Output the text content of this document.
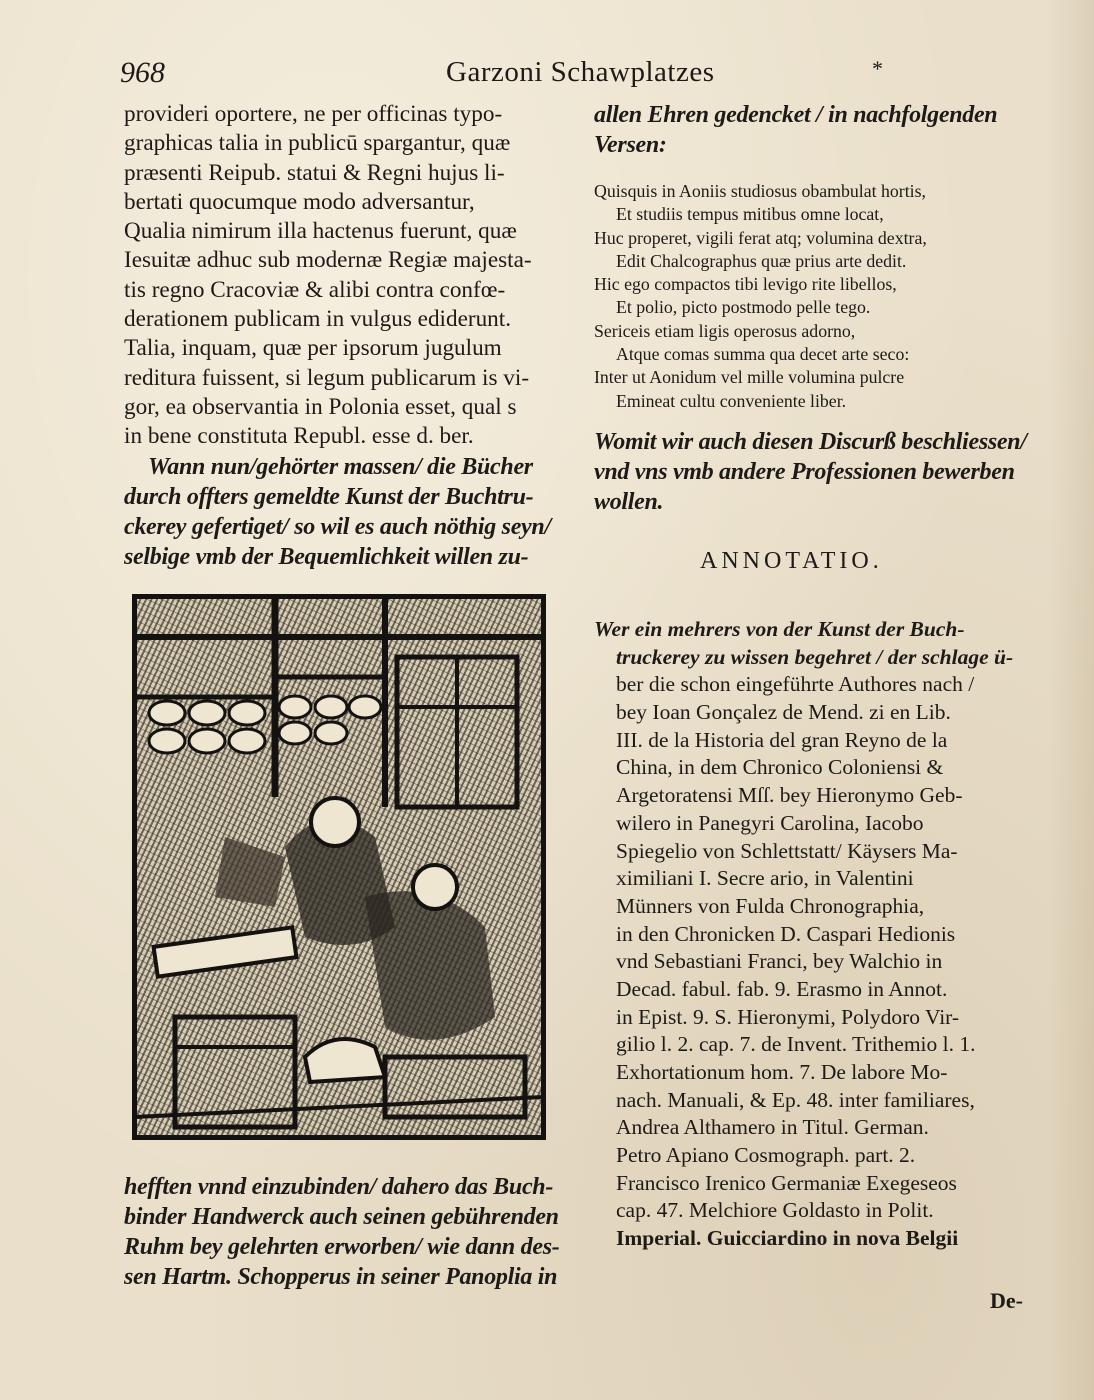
968	Garzoni Schawplatzes	*
provideri oportere, ne per officinas typo-
graphicas talia in publicū spargantur, quæ
præsenti Reipub. statui & Regni hujus li-
bertati quocumque modo adversantur,
Qualia nimirum illa hactenus fuerunt, quæ
Iesuitæ adhuc sub modernæ Regiæ majesta-
tis regno Cracoviæ & alibi contra confœ-
derationem publicam in vulgus ediderunt.
Talia, inquam, quæ per ipsorum jugulum
reditura fuissent, si legum publicarum is vi-
gor, ea observantia in Polonia esset, qual s
in bene constituta Republ. esse d. ber.
Wann nun/gehörter massen/ die Bücher
durch offters gemeldte Kunst der Buchtru-
ckerey gefertiget/ so wil es auch nöthig seyn/
selbige vmb der Bequemlichkeit willen zu-
hefften vnnd einzubinden/ dahero das Buch-
binder Handwerck auch seinen gebührenden
Ruhm bey gelehrten erworben/ wie dann des-
sen Hartm. Schopperus in seiner Panoplia in
allen Ehren gedencket / in nachfolgenden
Versen:
Quisquis in Aoniis studiosus obambulat hortis,
Et studiis tempus mitibus omne locat,
Huc properet, vigili ferat atq; volumina dextra,
Edit Chalcographus quæ prius arte dedit.
Hic ego compactos tibi levigo rite libellos,
Et polio, picto postmodo pelle tego.
Sericeis etiam ligis operosus adorno,
Atque comas summa qua decet arte seco:
Inter ut Aonidum vel mille volumina pulcre
Emineat cultu conveniente liber.
Womit wir auch diesen Discurß beschliessen/
vnd vns vmb andere Professionen bewerben
wollen.
ANNOTATIO.
Wer ein mehrers von der Kunst der Buch-
truckerey zu wissen begehret / der schlage ü-
ber die schon eingeführte Authores nach /
bey Ioan Gonçalez de Mend. zi en Lib.
III. de la Historia del gran Reyno de la
China, in dem Chronico Coloniensi &
Argetoratensi Mſſ. bey Hieronymo Geb-
wilero in Panegyri Carolina, Iacobo
Spiegelio von Schlettstatt/ Käysers Ma-
ximiliani I. Secre ario, in Valentini
Münners von Fulda Chronographia,
in den Chronicken D. Caspari Hedionis
vnd Sebastiani Franci, bey Walchio in
Decad. fabul. fab. 9. Erasmo in Annot.
in Epist. 9. S. Hieronymi, Polydoro Vir-
gilio l. 2. cap. 7. de Invent. Trithemio l. 1.
Exhortationum hom. 7. De labore Mo-
nach. Manuali, & Ep. 48. inter familiares,
Andrea Althamero in Titul. German.
Petro Apiano Cosmograph. part. 2.
Francisco Irenico Germaniæ Exegeseos
cap. 47. Melchiore Goldasto in Polit.
Imperial. Guicciardino in nova Belgii
De-
